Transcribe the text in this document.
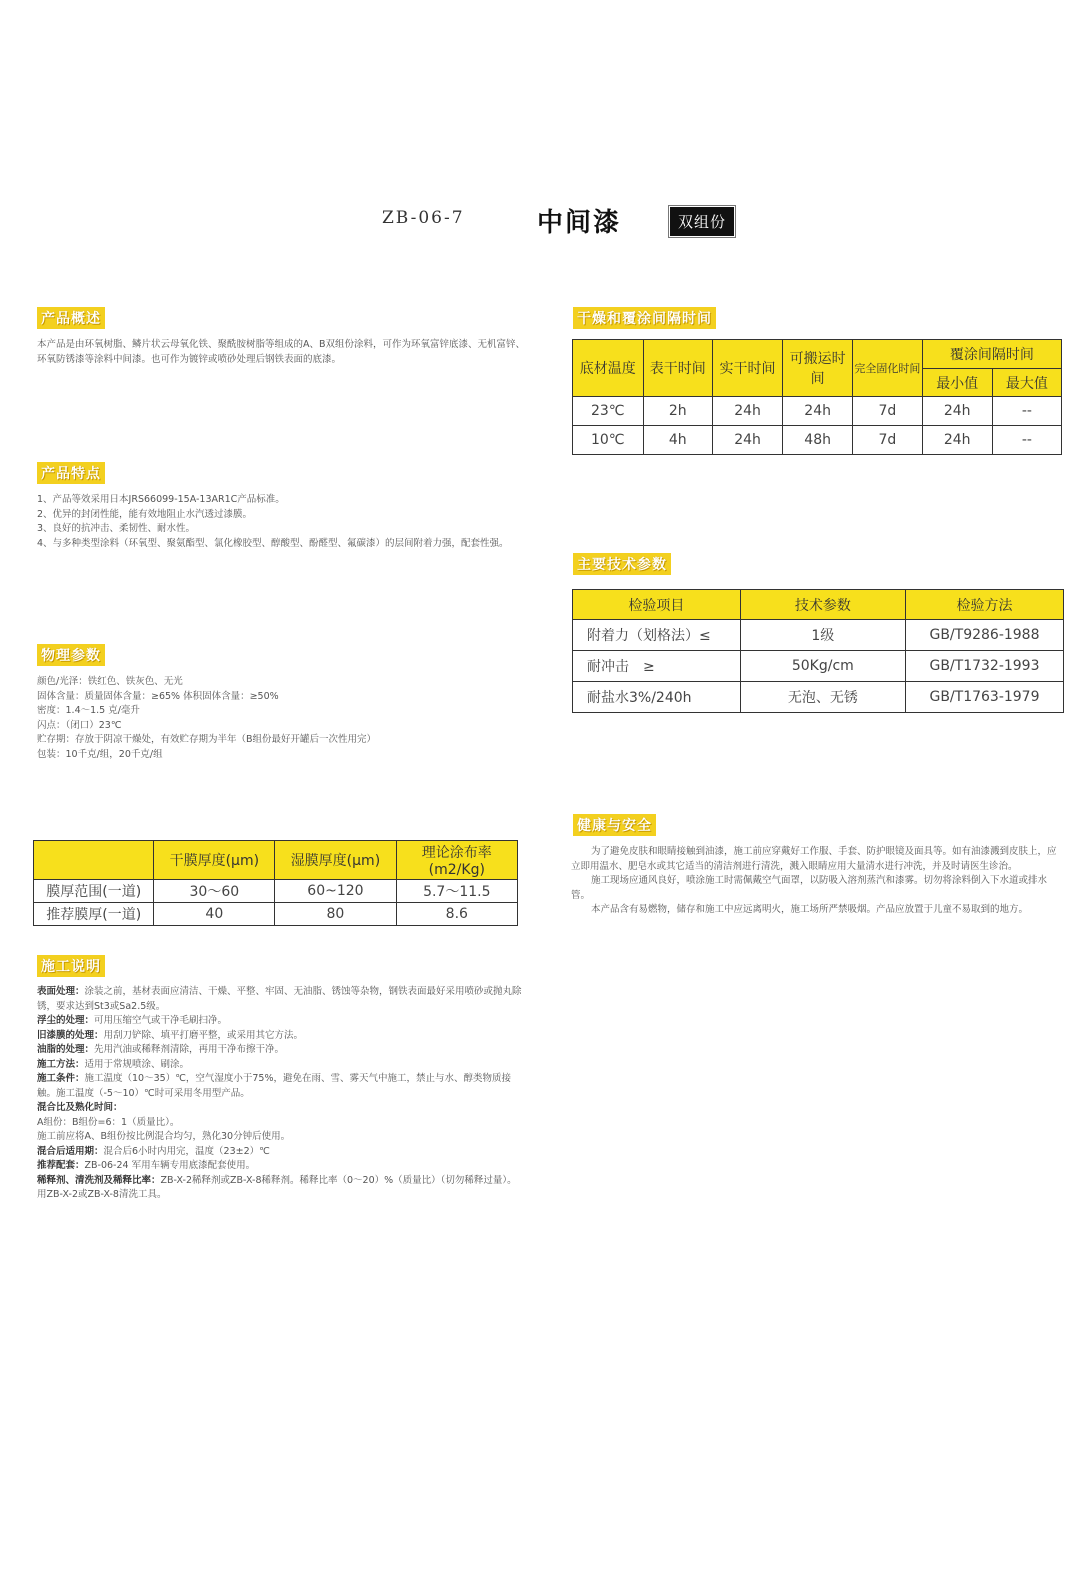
ZB-06-7	中间漆	双组份
产品概述

本产品是由环氧树脂、鳞片状云母氧化铁、聚酰胺树脂等组成的A、B双组份涂料，可作为环氧富锌底漆、无机富锌、环氧防锈漆等涂料中间漆。也可作为镀锌或喷砂处理后钢铁表面的底漆。

产品特点
1、产品等效采用日本JRS66099-15A-13AR1C产品标准。
2、优异的封闭性能，能有效地阻止水汽透过漆膜。
3、良好的抗冲击、柔韧性、耐水性。
4、与多种类型涂料（环氧型、聚氨酯型、氯化橡胶型、醇酸型、酚醛型、氟碳漆）的层间附着力强，配套性强。
物理参数
颜色/光泽：铁红色、铁灰色、无光
固体含量：质量固体含量：≥65% 体积固体含量：≥50%
密度：1.4～1.5 克/毫升
闪点：（闭口）23℃
贮存期：存放于阴凉干燥处，有效贮存期为半年（B组份最好开罐后一次性用完）
包装：10千克/组，20千克/组
	干膜厚度(μm)	湿膜厚度(μm)	理论涂布率(m2/Kg)
膜厚范围(一道)	30～60	60~120	5.7～11.5
推荐膜厚(一道)	40	80	8.6
施工说明
表面处理：涂装之前，基材表面应清洁、干燥、平整、牢固、无油脂、锈蚀等杂物，钢铁表面最好采用喷砂或抛丸除锈，要求达到St3或Sa2.5级。
浮尘的处理：可用压缩空气或干净毛刷扫净。
旧漆膜的处理：用刮刀铲除、填平打磨平整，或采用其它方法。
油脂的处理：先用汽油或稀释剂清除，再用干净布擦干净。
施工方法：适用于常规喷涂、刷涂。
施工条件：施工温度（10～35）℃，空气湿度小于75%，避免在雨、雪、雾天气中施工，禁止与水、醇类物质接触。施工温度（-5～10）℃时可采用冬用型产品。
混合比及熟化时间：
A组份：B组份=6：1（质量比）。
施工前应将A、B组份按比例混合均匀，熟化30分钟后使用。
混合后适用期：混合后6小时内用完，温度（23±2）℃
推荐配套：ZB-06-24 军用车辆专用底漆配套使用。
稀释剂、清洗剂及稀释比率：ZB-X-2稀释剂或ZB-X-8稀释剂。稀释比率（0～20）%（质量比）（切勿稀释过量）。用ZB-X-2或ZB-X-8清洗工具。
干燥和覆涂间隔时间
底材温度	表干时间	实干时间	可搬运时间	完全固化时间	覆涂间隔时间	
					最小值	最大值
23℃	2h	24h	24h	7d	24h	--
10℃	4h	24h	48h	7d	24h	--
主要技术参数
检验项目	技术参数	检验方法
附着力（划格法）≤	1级	GB/T9286-1988
耐冲击　≥	50Kg/cm	GB/T1732-1993
耐盐水3%/240h	无泡、无锈	GB/T1763-1979
健康与安全

为了避免皮肤和眼睛接触到油漆，施工前应穿戴好工作服、手套、防护眼镜及面具等。如有油漆溅到皮肤上，应立即用温水、肥皂水或其它适当的清洁剂进行清洗，溅入眼睛应用大量清水进行冲洗，并及时请医生诊治。

施工现场应通风良好，喷涂施工时需佩戴空气面罩，以防吸入溶剂蒸汽和漆雾。切勿将涂料倒入下水道或排水管。

本产品含有易燃物，储存和施工中应远离明火，施工场所严禁吸烟。产品应放置于儿童不易取到的地方。
